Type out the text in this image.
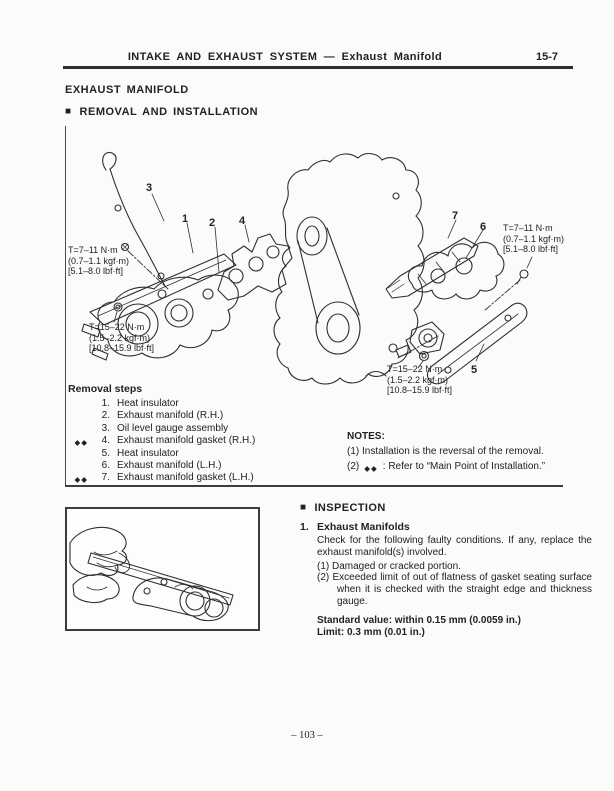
INTAKE AND EXHAUST SYSTEM — Exhaust Manifold	15-7
EXHAUST MANIFOLD
■ REMOVAL AND INSTALLATION
T=7–11 N·m
(0.7–1.1 kgf·m)
[5.1–8.0 lbf·ft]
T=15–22 N·m
(1.5–2.2 kgf·m)
[10.8–15.9 lbf·ft]
T=7–11 N·m
(0.7–1.1 kgf·m)
[5.1–8.0 lbf·ft]
T=15–22 N·m
(1.5–2.2 kgf·m)
[10.8–15.9 lbf·ft]
3
1 2 4	7
6
5
Removal steps
1. Heat insulator
2. Exhaust manifold (R.H.)
3. Oil level gauge assembly
◆◆	4. Exhaust manifold gasket (R.H.)
5. Heat insulator
6. Exhaust manifold (L.H.)
◆◆	7. Exhaust manifold gasket (L.H.)
NOTES:
(1) Installation is the reversal of the removal.
(2) ◆◆ : Refer to “Main Point of Installation.”
■ INSPECTION
1. Exhaust Manifolds
Check for the following faulty conditions. If any, replace the exhaust manifold(s) involved.
(1) Damaged or cracked portion.
(2) Exceeded limit of out of flatness of gasket seating surface when it is checked with the straight edge and thickness gauge.
Standard value: within 0.15 mm (0.0059 in.)
Limit: 0.3 mm (0.01 in.)
– 103 –
